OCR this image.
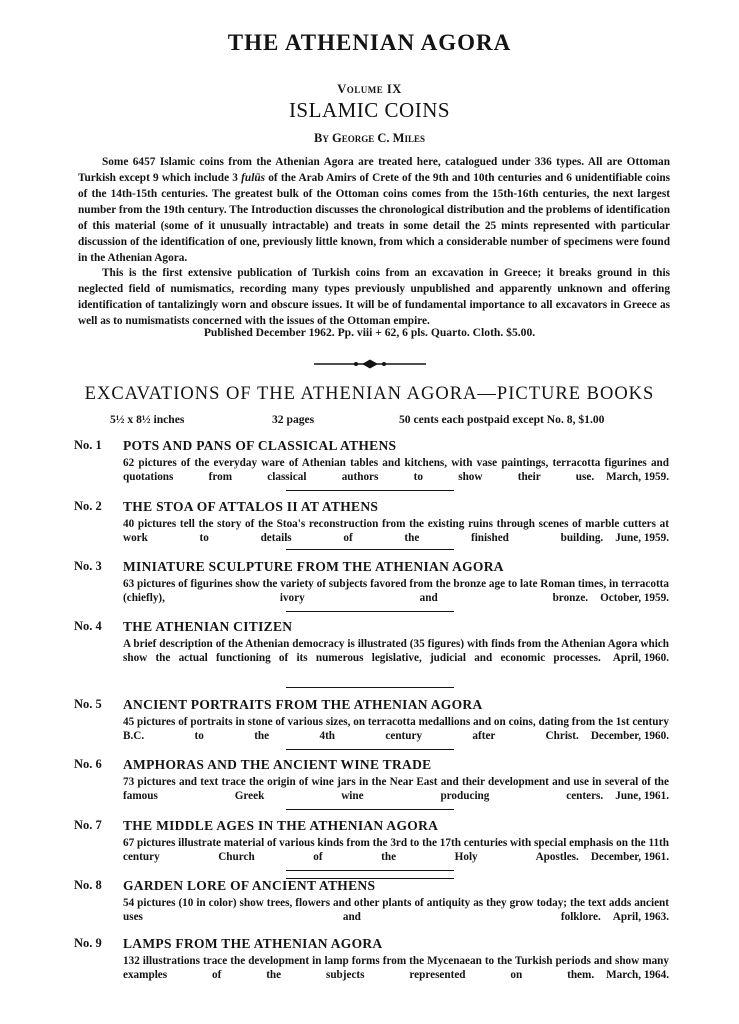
THE ATHENIAN AGORA
Volume IX
ISLAMIC COINS
By George C. Miles

Some 6457 Islamic coins from the Athenian Agora are treated here, catalogued under 336 types. All are Ottoman Turkish except 9 which include 3 fulūs of the Arab Amirs of Crete of the 9th and 10th centuries and 6 unidentifiable coins of the 14th-15th centuries. The greatest bulk of the Ottoman coins comes from the 15th-16th centuries, the next largest number from the 19th century. The Introduction discusses the chronological distribution and the problems of identification of this material (some of it unusually intractable) and treats in some detail the 25 mints represented with particular discussion of the identification of one, previously little known, from which a considerable number of specimens were found in the Athenian Agora.

This is the first extensive publication of Turkish coins from an excavation in Greece; it breaks ground in this neglected field of numismatics, recording many types previously unpublished and apparently unknown and offering identification of tantalizingly worn and obscure issues. It will be of fundamental importance to all excavators in Greece as well as to numismatists concerned with the issues of the Ottoman empire.

Published December 1962. Pp. viii + 62, 6 pls. Quarto. Cloth. $5.00.
EXCAVATIONS OF THE ATHENIAN AGORA—PICTURE BOOKS
5½ x 8½ inches	32 pages	50 cents each postpaid except No. 8, $1.00
No. 1 POTS AND PANS OF CLASSICAL ATHENS
62 pictures of the everyday ware of Athenian tables and kitchens, with vase paintings, terracotta figurines and quotations from classical authors to show their use. March, 1959.
No. 2 THE STOA OF ATTALOS II AT ATHENS
40 pictures tell the story of the Stoa's reconstruction from the existing ruins through scenes of marble cutters at work to details of the finished building. June, 1959.
No. 3 MINIATURE SCULPTURE FROM THE ATHENIAN AGORA
63 pictures of figurines show the variety of subjects favored from the bronze age to late Roman times, in terracotta (chiefly), ivory and bronze. October, 1959.
No. 4 THE ATHENIAN CITIZEN
A brief description of the Athenian democracy is illustrated (35 figures) with finds from the Athenian Agora which show the actual functioning of its numerous legislative, judicial and economic processes. April, 1960.
No. 5 ANCIENT PORTRAITS FROM THE ATHENIAN AGORA
45 pictures of portraits in stone of various sizes, on terracotta medallions and on coins, dating from the 1st century B.C. to the 4th century after Christ. December, 1960.
No. 6 AMPHORAS AND THE ANCIENT WINE TRADE
73 pictures and text trace the origin of wine jars in the Near East and their development and use in several of the famous Greek wine producing centers. June, 1961.
No. 7 THE MIDDLE AGES IN THE ATHENIAN AGORA
67 pictures illustrate material of various kinds from the 3rd to the 17th centuries with special emphasis on the 11th century Church of the Holy Apostles. December, 1961.
No. 8 GARDEN LORE OF ANCIENT ATHENS
54 pictures (10 in color) show trees, flowers and other plants of antiquity as they grow today; the text adds ancient uses and folklore. April, 1963.
No. 9 LAMPS FROM THE ATHENIAN AGORA
132 illustrations trace the development in lamp forms from the Mycenaean to the Turkish periods and show many examples of the subjects represented on them. March, 1964.
